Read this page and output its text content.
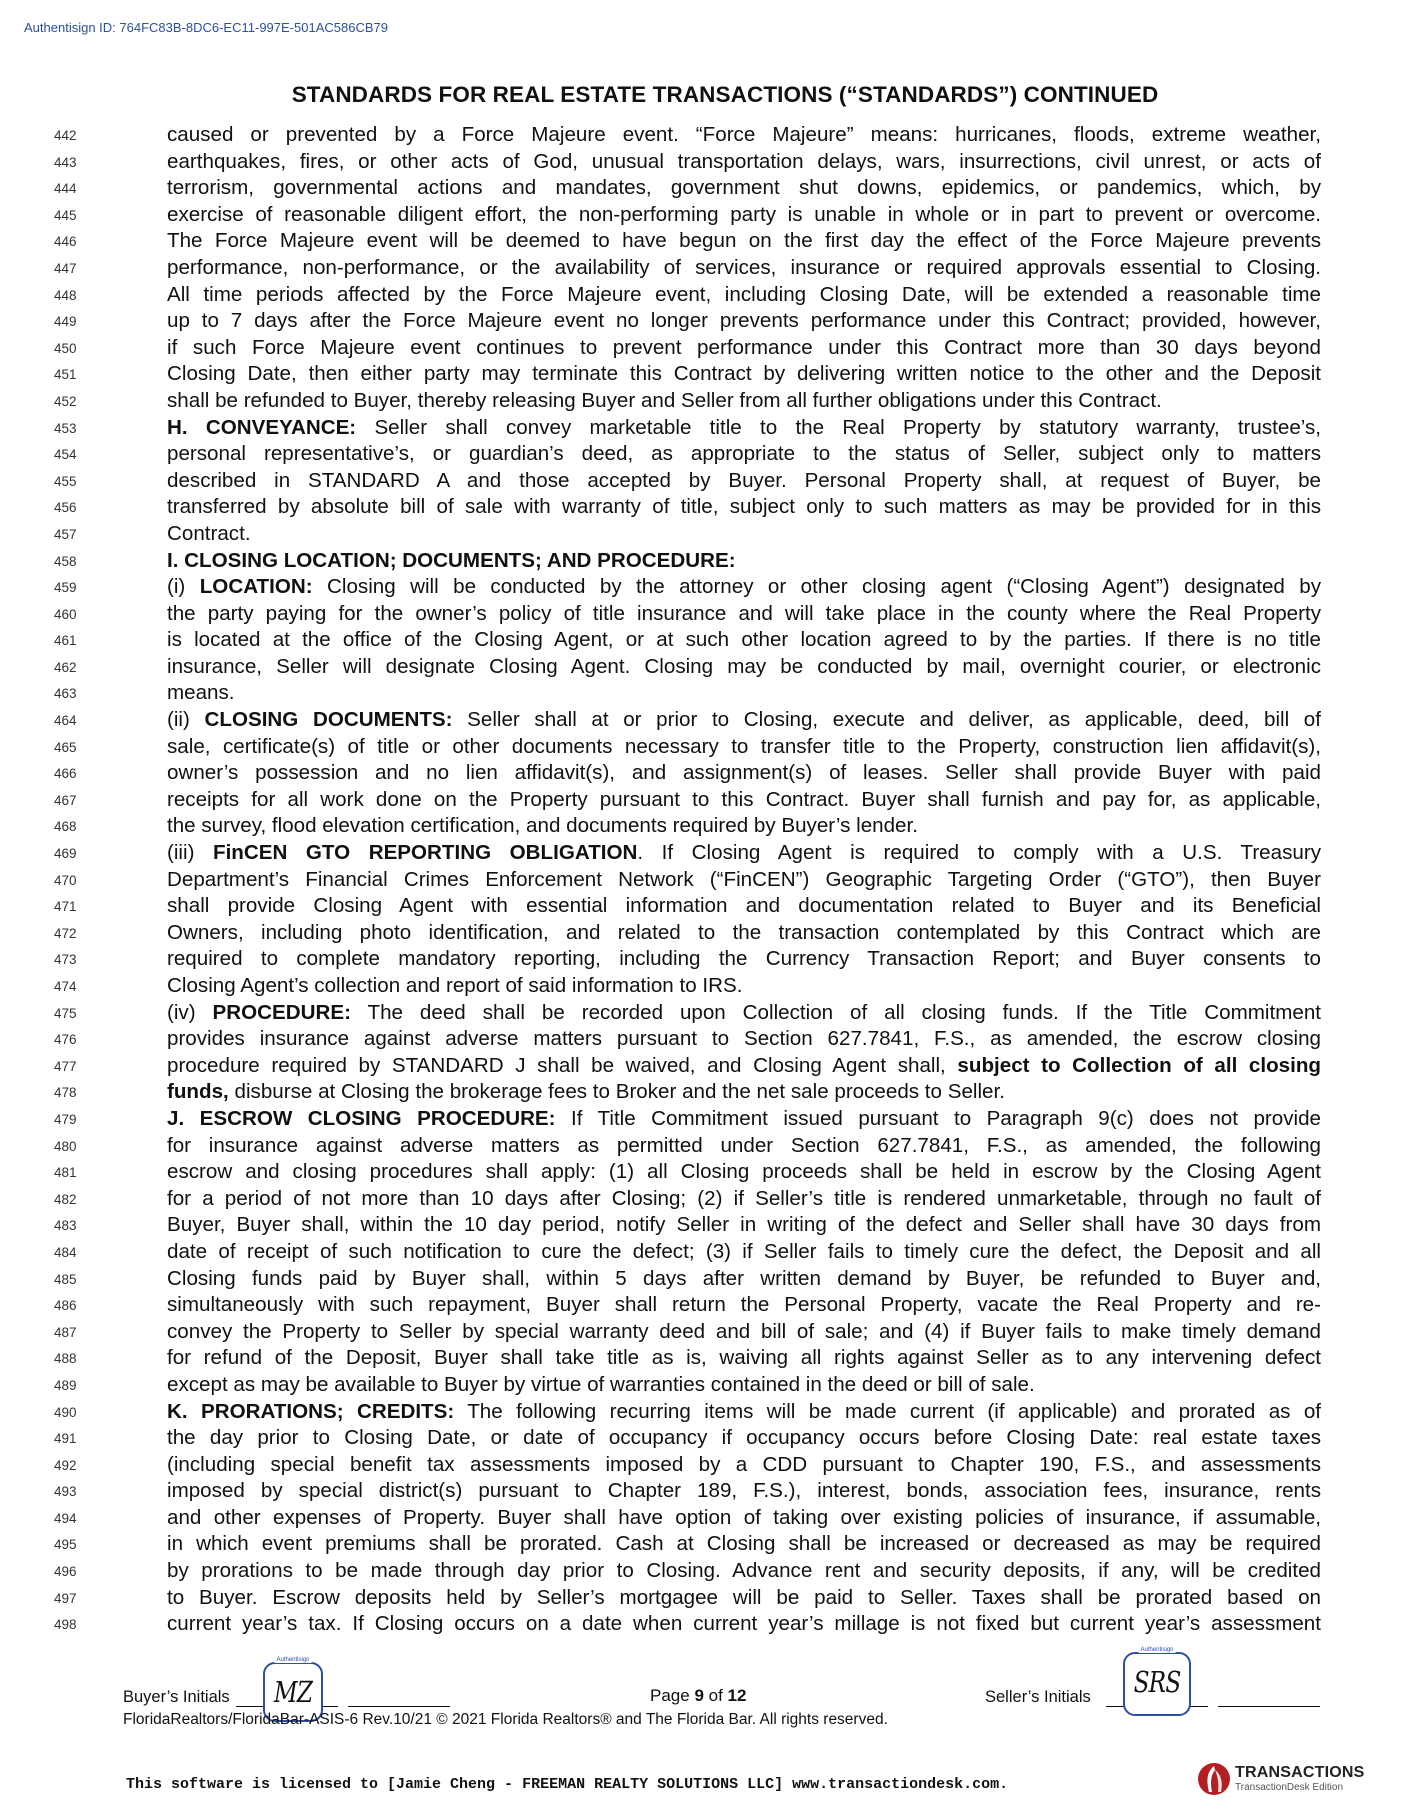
Authentisign ID: 764FC83B-8DC6-EC11-997E-501AC586CB79
STANDARDS FOR REAL ESTATE TRANSACTIONS (“STANDARDS”) CONTINUED
442	caused or prevented by a Force Majeure event. “Force Majeure” means: hurricanes, floods, extreme weather,
443	earthquakes, fires, or other acts of God, unusual transportation delays, wars, insurrections, civil unrest, or acts of
444	terrorism, governmental actions and mandates, government shut downs, epidemics, or pandemics, which, by
445	exercise of reasonable diligent effort, the non-performing party is unable in whole or in part to prevent or overcome.
446	The Force Majeure event will be deemed to have begun on the first day the effect of the Force Majeure prevents
447	performance, non-performance, or the availability of services, insurance or required approvals essential to Closing.
448	All time periods affected by the Force Majeure event, including Closing Date, will be extended a reasonable time
449	up to 7 days after the Force Majeure event no longer prevents performance under this Contract; provided, however,
450	if such Force Majeure event continues to prevent performance under this Contract more than 30 days beyond
451	Closing Date, then either party may terminate this Contract by delivering written notice to the other and the Deposit
452	shall be refunded to Buyer, thereby releasing Buyer and Seller from all further obligations under this Contract.
453	H. CONVEYANCE: Seller shall convey marketable title to the Real Property by statutory warranty, trustee’s,
454	personal representative’s, or guardian’s deed, as appropriate to the status of Seller, subject only to matters
455	described in STANDARD A and those accepted by Buyer. Personal Property shall, at request of Buyer, be
456	transferred by absolute bill of sale with warranty of title, subject only to such matters as may be provided for in this
457	Contract.
458	I. CLOSING LOCATION; DOCUMENTS; AND PROCEDURE:
459	(i) LOCATION: Closing will be conducted by the attorney or other closing agent (“Closing Agent”) designated by
460	the party paying for the owner’s policy of title insurance and will take place in the county where the Real Property
461	is located at the office of the Closing Agent, or at such other location agreed to by the parties. If there is no title
462	insurance, Seller will designate Closing Agent. Closing may be conducted by mail, overnight courier, or electronic
463	means.
464	(ii) CLOSING DOCUMENTS: Seller shall at or prior to Closing, execute and deliver, as applicable, deed, bill of
465	sale, certificate(s) of title or other documents necessary to transfer title to the Property, construction lien affidavit(s),
466	owner’s possession and no lien affidavit(s), and assignment(s) of leases. Seller shall provide Buyer with paid
467	receipts for all work done on the Property pursuant to this Contract. Buyer shall furnish and pay for, as applicable,
468	the survey, flood elevation certification, and documents required by Buyer’s lender.
469	(iii) FinCEN GTO REPORTING OBLIGATION. If Closing Agent is required to comply with a U.S. Treasury
470	Department’s Financial Crimes Enforcement Network (“FinCEN”) Geographic Targeting Order (“GTO”), then Buyer
471	shall provide Closing Agent with essential information and documentation related to Buyer and its Beneficial
472	Owners, including photo identification, and related to the transaction contemplated by this Contract which are
473	required to complete mandatory reporting, including the Currency Transaction Report; and Buyer consents to
474	Closing Agent’s collection and report of said information to IRS.
475	(iv) PROCEDURE: The deed shall be recorded upon Collection of all closing funds. If the Title Commitment
476	provides insurance against adverse matters pursuant to Section 627.7841, F.S., as amended, the escrow closing
477	procedure required by STANDARD J shall be waived, and Closing Agent shall, subject to Collection of all closing
478	funds, disburse at Closing the brokerage fees to Broker and the net sale proceeds to Seller.
479	J. ESCROW CLOSING PROCEDURE: If Title Commitment issued pursuant to Paragraph 9(c) does not provide
480	for insurance against adverse matters as permitted under Section 627.7841, F.S., as amended, the following
481	escrow and closing procedures shall apply: (1) all Closing proceeds shall be held in escrow by the Closing Agent
482	for a period of not more than 10 days after Closing; (2) if Seller’s title is rendered unmarketable, through no fault of
483	Buyer, Buyer shall, within the 10 day period, notify Seller in writing of the defect and Seller shall have 30 days from
484	date of receipt of such notification to cure the defect; (3) if Seller fails to timely cure the defect, the Deposit and all
485	Closing funds paid by Buyer shall, within 5 days after written demand by Buyer, be refunded to Buyer and,
486	simultaneously with such repayment, Buyer shall return the Personal Property, vacate the Real Property and re-
487	convey the Property to Seller by special warranty deed and bill of sale; and (4) if Buyer fails to make timely demand
488	for refund of the Deposit, Buyer shall take title as is, waiving all rights against Seller as to any intervening defect
489	except as may be available to Buyer by virtue of warranties contained in the deed or bill of sale.
490	K. PRORATIONS; CREDITS: The following recurring items will be made current (if applicable) and prorated as of
491	the day prior to Closing Date, or date of occupancy if occupancy occurs before Closing Date: real estate taxes
492	(including special benefit tax assessments imposed by a CDD pursuant to Chapter 190, F.S., and assessments
493	imposed by special district(s) pursuant to Chapter 189, F.S.), interest, bonds, association fees, insurance, rents
494	and other expenses of Property. Buyer shall have option of taking over existing policies of insurance, if assumable,
495	in which event premiums shall be prorated. Cash at Closing shall be increased or decreased as may be required
496	by prorations to be made through day prior to Closing. Advance rent and security deposits, if any, will be credited
497	to Buyer. Escrow deposits held by Seller’s mortgagee will be paid to Seller. Taxes shall be prorated based on
498	current year’s tax. If Closing occurs on a date when current year’s millage is not fixed but current year’s assessment
Buyer’s Initials
Authentisign
MZ	Page 9 of 12	Seller’s Initials
Authentisign
SRS
FloridaRealtors/FloridaBar-ASIS-6 Rev.10/21 © 2021 Florida Realtors® and The Florida Bar. All rights reserved.
This software is licensed to [Jamie Cheng - FREEMAN REALTY SOLUTIONS LLC] www.transactiondesk.com.
TRANSACTIONS
TransactionDesk Edition
